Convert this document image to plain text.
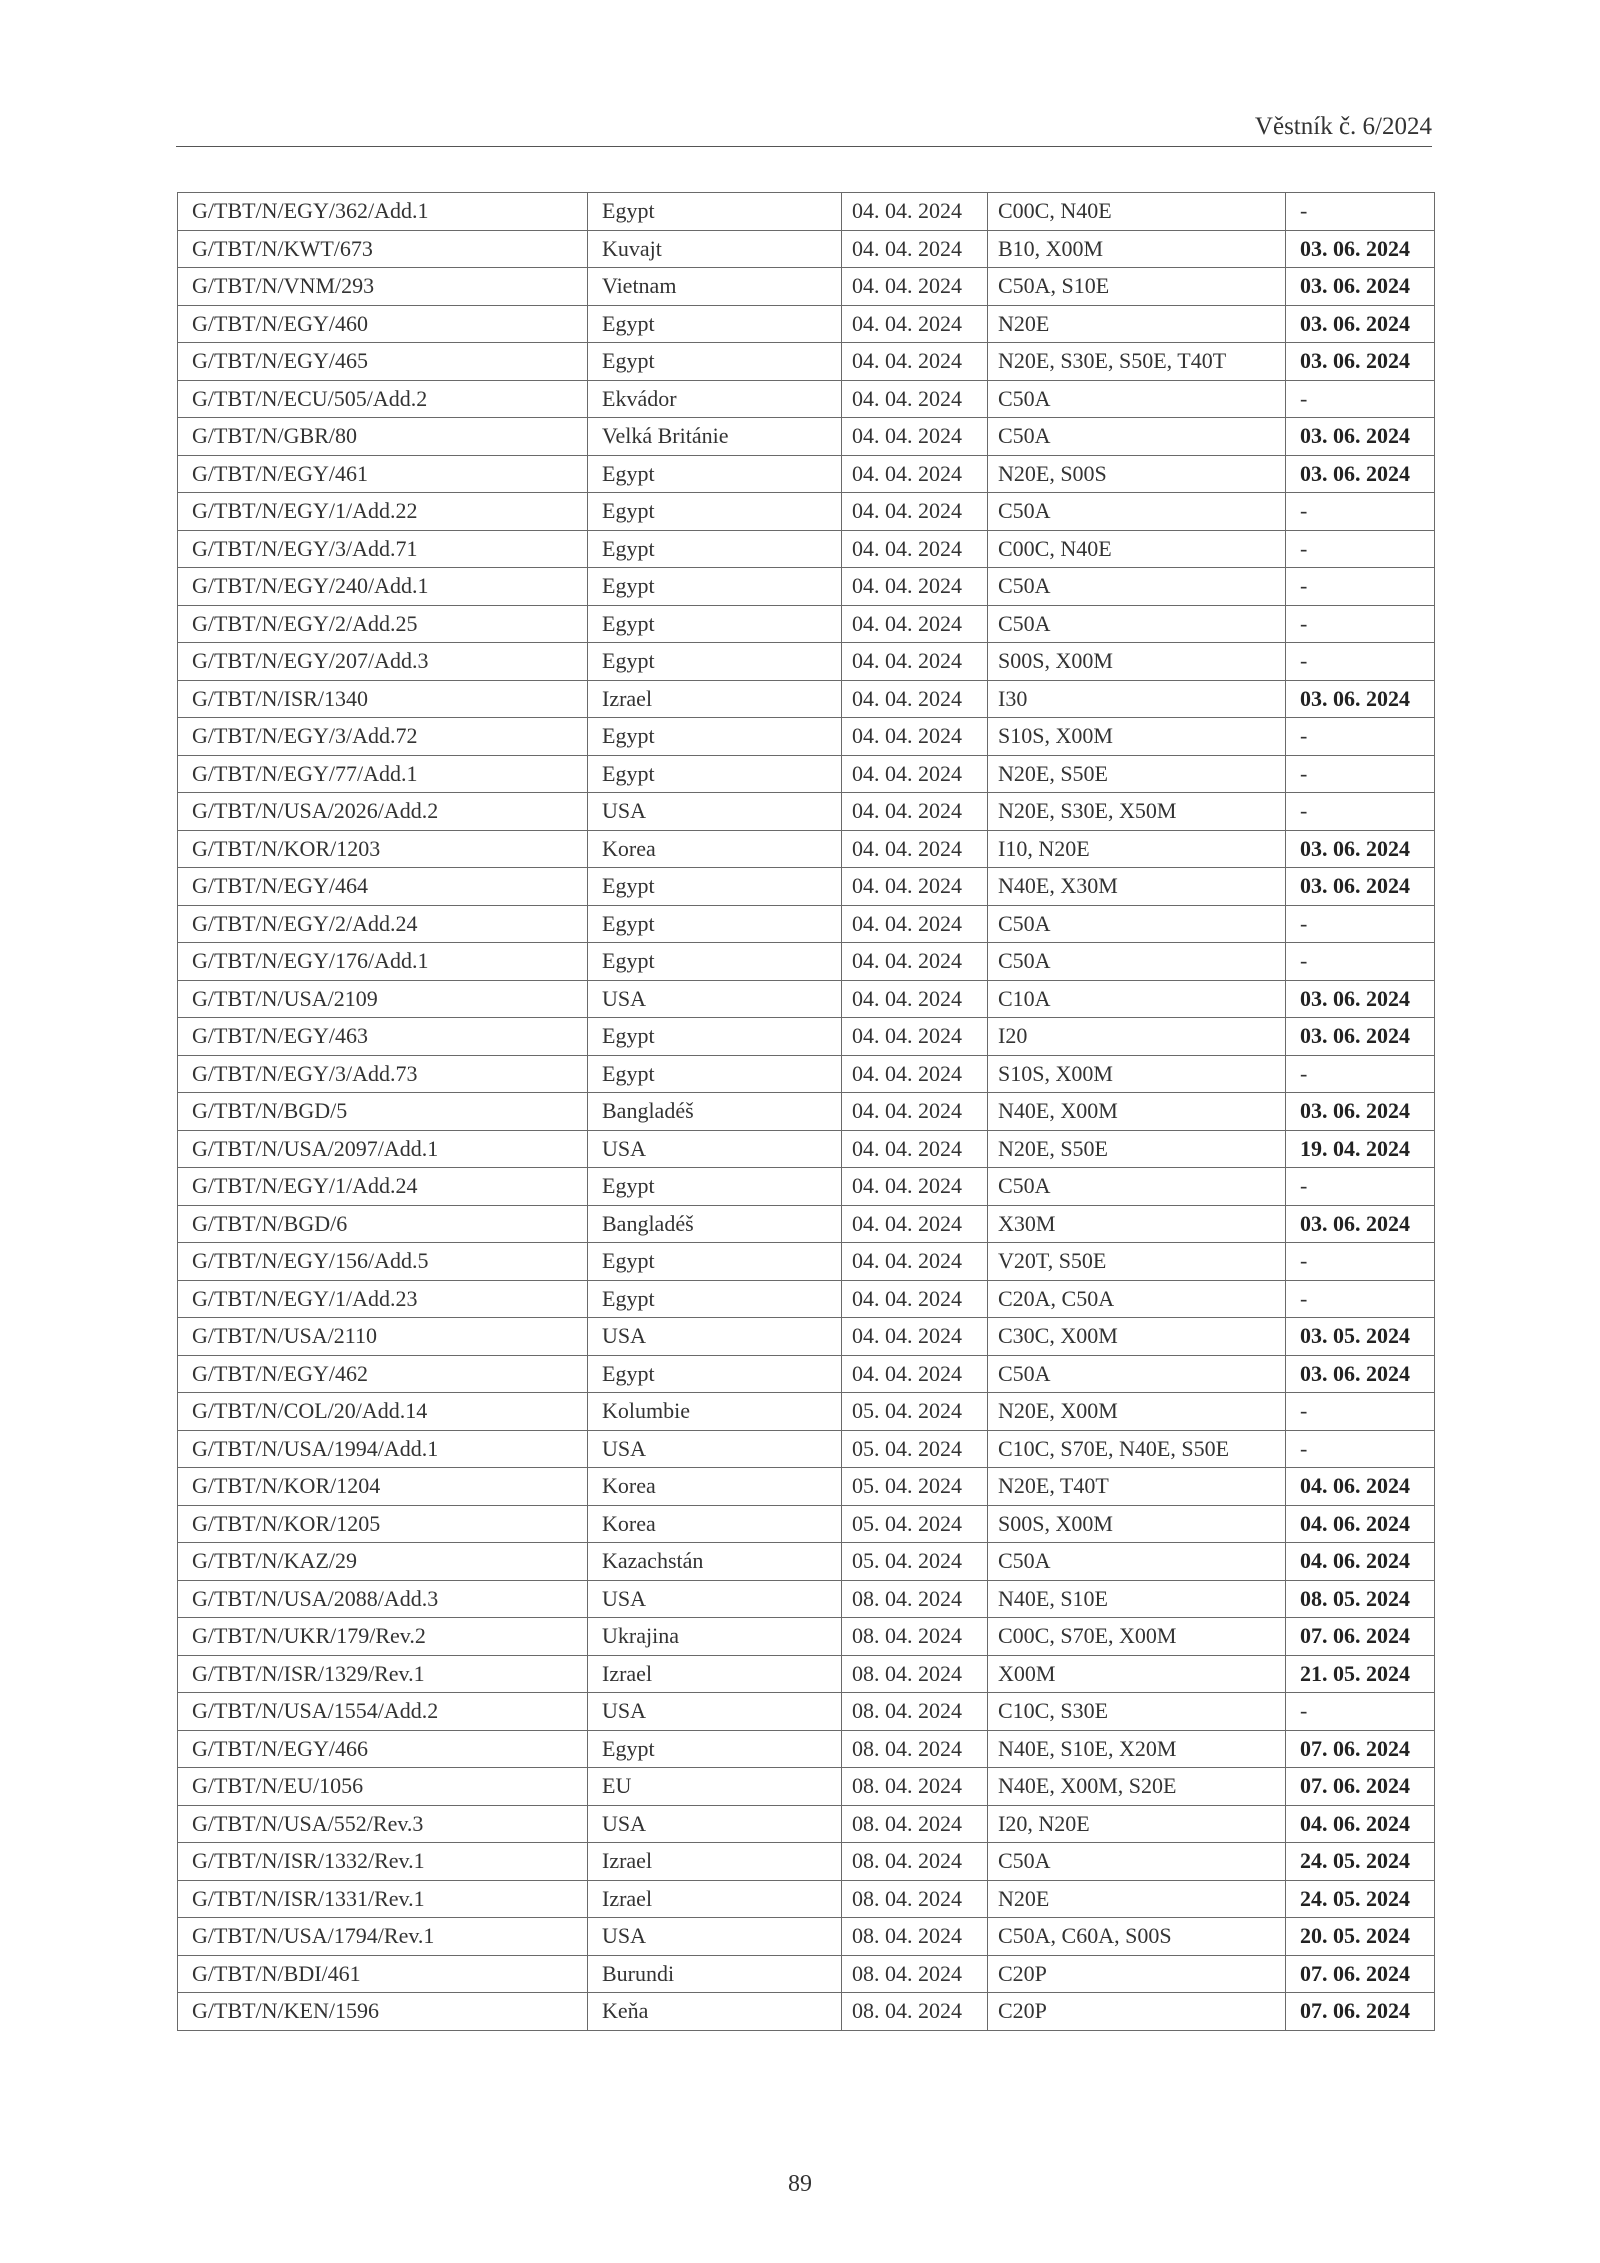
Věstník č. 6/2024
G/TBT/N/EGY/362/Add.1	Egypt	04. 04. 2024	C00C, N40E	-
G/TBT/N/KWT/673	Kuvajt	04. 04. 2024	B10, X00M	03. 06. 2024
G/TBT/N/VNM/293	Vietnam	04. 04. 2024	C50A, S10E	03. 06. 2024
G/TBT/N/EGY/460	Egypt	04. 04. 2024	N20E	03. 06. 2024
G/TBT/N/EGY/465	Egypt	04. 04. 2024	N20E, S30E, S50E, T40T	03. 06. 2024
G/TBT/N/ECU/505/Add.2	Ekvádor	04. 04. 2024	C50A	-
G/TBT/N/GBR/80	Velká Británie	04. 04. 2024	C50A	03. 06. 2024
G/TBT/N/EGY/461	Egypt	04. 04. 2024	N20E, S00S	03. 06. 2024
G/TBT/N/EGY/1/Add.22	Egypt	04. 04. 2024	C50A	-
G/TBT/N/EGY/3/Add.71	Egypt	04. 04. 2024	C00C, N40E	-
G/TBT/N/EGY/240/Add.1	Egypt	04. 04. 2024	C50A	-
G/TBT/N/EGY/2/Add.25	Egypt	04. 04. 2024	C50A	-
G/TBT/N/EGY/207/Add.3	Egypt	04. 04. 2024	S00S, X00M	-
G/TBT/N/ISR/1340	Izrael	04. 04. 2024	I30	03. 06. 2024
G/TBT/N/EGY/3/Add.72	Egypt	04. 04. 2024	S10S, X00M	-
G/TBT/N/EGY/77/Add.1	Egypt	04. 04. 2024	N20E, S50E	-
G/TBT/N/USA/2026/Add.2	USA	04. 04. 2024	N20E, S30E, X50M	-
G/TBT/N/KOR/1203	Korea	04. 04. 2024	I10, N20E	03. 06. 2024
G/TBT/N/EGY/464	Egypt	04. 04. 2024	N40E, X30M	03. 06. 2024
G/TBT/N/EGY/2/Add.24	Egypt	04. 04. 2024	C50A	-
G/TBT/N/EGY/176/Add.1	Egypt	04. 04. 2024	C50A	-
G/TBT/N/USA/2109	USA	04. 04. 2024	C10A	03. 06. 2024
G/TBT/N/EGY/463	Egypt	04. 04. 2024	I20	03. 06. 2024
G/TBT/N/EGY/3/Add.73	Egypt	04. 04. 2024	S10S, X00M	-
G/TBT/N/BGD/5	Bangladéš	04. 04. 2024	N40E, X00M	03. 06. 2024
G/TBT/N/USA/2097/Add.1	USA	04. 04. 2024	N20E, S50E	19. 04. 2024
G/TBT/N/EGY/1/Add.24	Egypt	04. 04. 2024	C50A	-
G/TBT/N/BGD/6	Bangladéš	04. 04. 2024	X30M	03. 06. 2024
G/TBT/N/EGY/156/Add.5	Egypt	04. 04. 2024	V20T, S50E	-
G/TBT/N/EGY/1/Add.23	Egypt	04. 04. 2024	C20A, C50A	-
G/TBT/N/USA/2110	USA	04. 04. 2024	C30C, X00M	03. 05. 2024
G/TBT/N/EGY/462	Egypt	04. 04. 2024	C50A	03. 06. 2024
G/TBT/N/COL/20/Add.14	Kolumbie	05. 04. 2024	N20E, X00M	-
G/TBT/N/USA/1994/Add.1	USA	05. 04. 2024	C10C, S70E, N40E, S50E	-
G/TBT/N/KOR/1204	Korea	05. 04. 2024	N20E, T40T	04. 06. 2024
G/TBT/N/KOR/1205	Korea	05. 04. 2024	S00S, X00M	04. 06. 2024
G/TBT/N/KAZ/29	Kazachstán	05. 04. 2024	C50A	04. 06. 2024
G/TBT/N/USA/2088/Add.3	USA	08. 04. 2024	N40E, S10E	08. 05. 2024
G/TBT/N/UKR/179/Rev.2	Ukrajina	08. 04. 2024	C00C, S70E, X00M	07. 06. 2024
G/TBT/N/ISR/1329/Rev.1	Izrael	08. 04. 2024	X00M	21. 05. 2024
G/TBT/N/USA/1554/Add.2	USA	08. 04. 2024	C10C, S30E	-
G/TBT/N/EGY/466	Egypt	08. 04. 2024	N40E, S10E, X20M	07. 06. 2024
G/TBT/N/EU/1056	EU	08. 04. 2024	N40E, X00M, S20E	07. 06. 2024
G/TBT/N/USA/552/Rev.3	USA	08. 04. 2024	I20, N20E	04. 06. 2024
G/TBT/N/ISR/1332/Rev.1	Izrael	08. 04. 2024	C50A	24. 05. 2024
G/TBT/N/ISR/1331/Rev.1	Izrael	08. 04. 2024	N20E	24. 05. 2024
G/TBT/N/USA/1794/Rev.1	USA	08. 04. 2024	C50A, C60A, S00S	20. 05. 2024
G/TBT/N/BDI/461	Burundi	08. 04. 2024	C20P	07. 06. 2024
G/TBT/N/KEN/1596	Keňa	08. 04. 2024	C20P	07. 06. 2024
89
